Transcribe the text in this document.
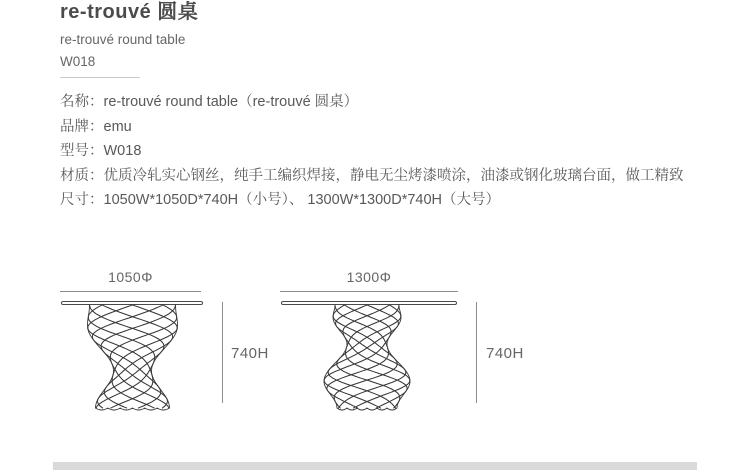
re-trouvé 圆桌
re-trouvé round table
W018
名称：re-trouvé round table（re-trouvé 圆桌）
品牌：emu
型号：W018
材质：优质冷轧实心钢丝，纯手工编织焊接，静电无尘烤漆喷涂，油漆或钢化玻璃台面，做工精致
尺寸：1050W*1050D*740H（小号）、 1300W*1300D*740H（大号）
1050Φ
740H
1300Φ
740H
